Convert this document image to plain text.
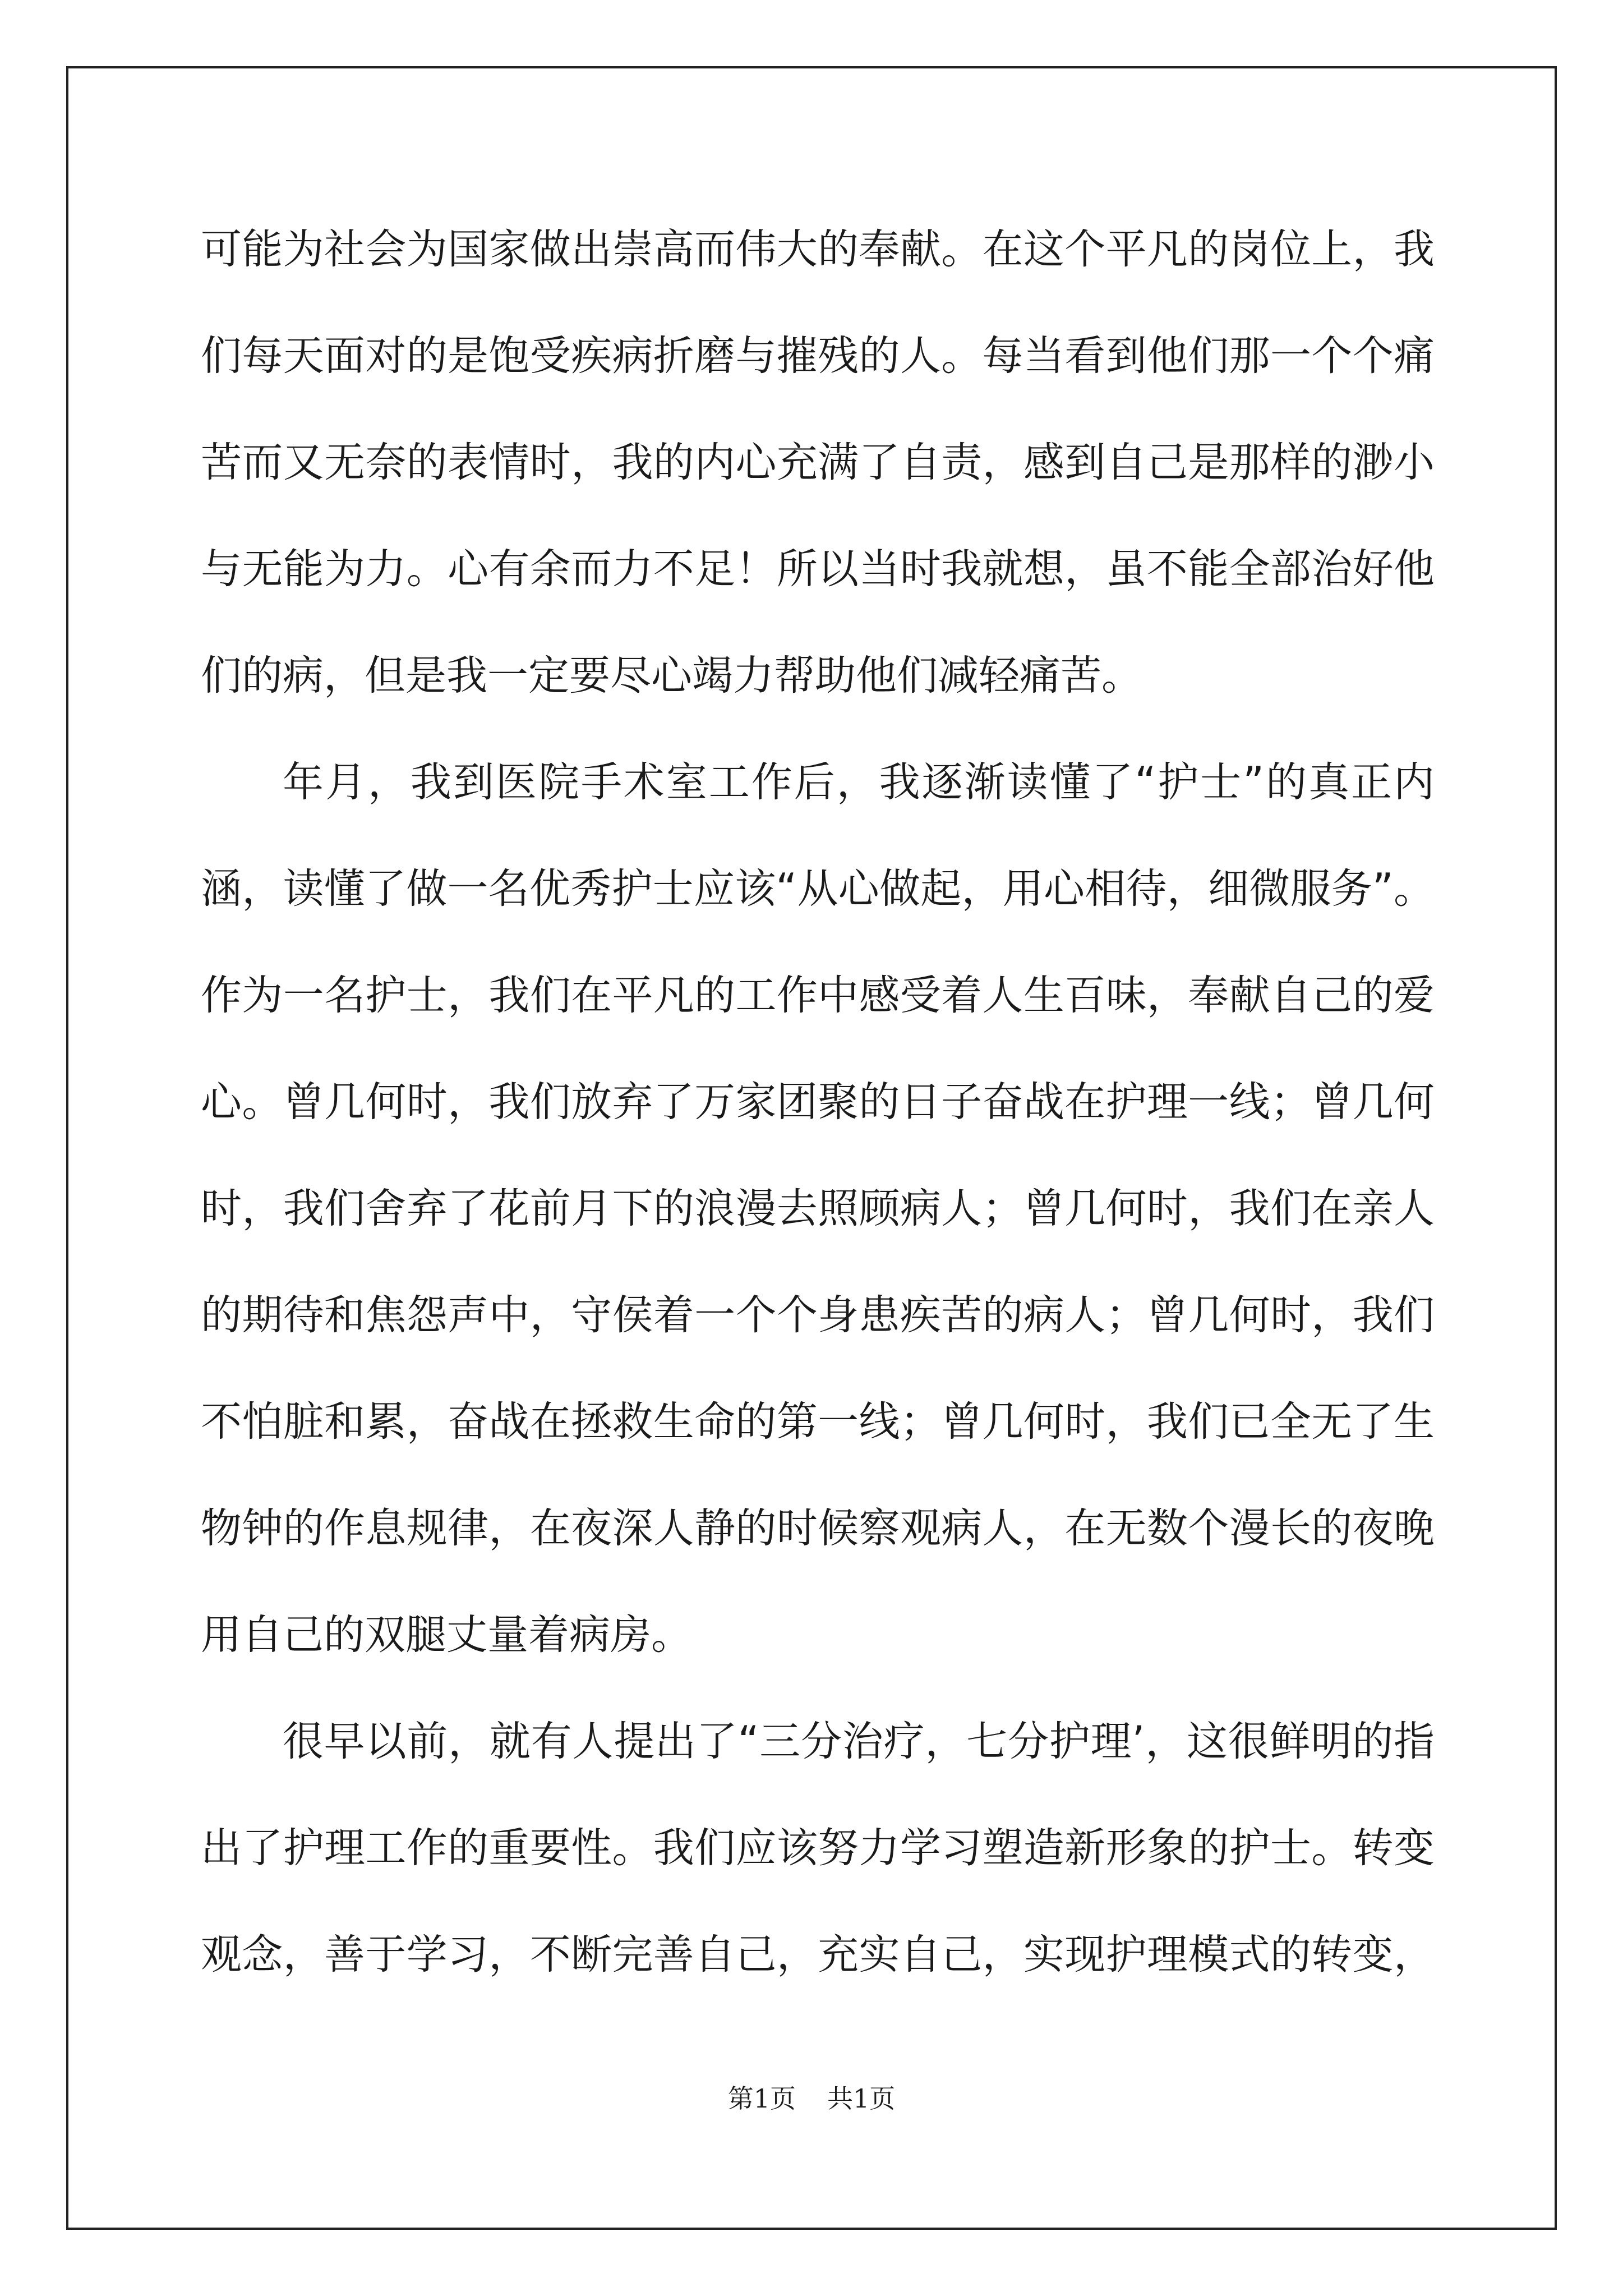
可能为社会为国家做出崇高而伟大的奉献。在这个平凡的岗位上，我
们每天面对的是饱受疾病折磨与摧残的人。每当看到他们那一个个痛
苦而又无奈的表情时，我的内心充满了自责，感到自己是那样的渺小
与无能为力。心有余而力不足！所以当时我就想，虽不能全部治好他
们的病，但是我一定要尽心竭力帮助他们减轻痛苦。
年月，我到医院手术室工作后，我逐渐读懂了“护士”的真正内
涵，读懂了做一名优秀护士应该“从心做起，用心相待，细微服务”。
作为一名护士，我们在平凡的工作中感受着人生百味，奉献自己的爱
心。曾几何时，我们放弃了万家团聚的日子奋战在护理一线；曾几何
时，我们舍弃了花前月下的浪漫去照顾病人；曾几何时，我们在亲人
的期待和焦怨声中，守侯着一个个身患疾苦的病人；曾几何时，我们
不怕脏和累，奋战在拯救生命的第一线；曾几何时，我们已全无了生
物钟的作息规律，在夜深人静的时候察观病人，在无数个漫长的夜晚
用自己的双腿丈量着病房。
很早以前，就有人提出了“三分治疗，七分护理’，这很鲜明的指
出了护理工作的重要性。我们应该努力学习塑造新形象的护士。转变
观念，善于学习，不断完善自己，充实自己，实现护理模式的转变，
第1页 共1页
